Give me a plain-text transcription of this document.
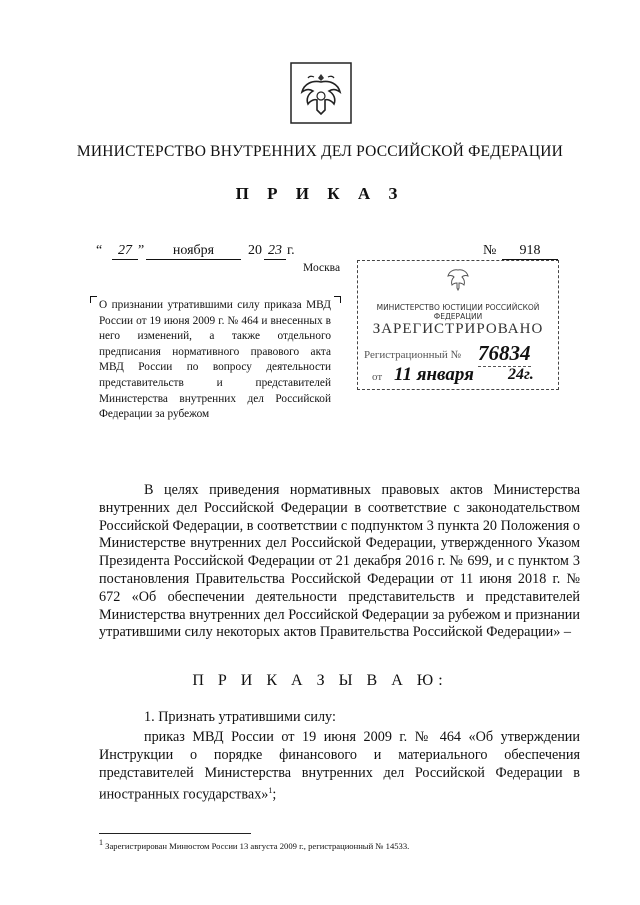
МИНИСТЕРСТВО ВНУТРЕННИХ ДЕЛ РОССИЙСКОЙ ФЕДЕРАЦИИ
П Р И К А З
“	27 ”	ноября	20 23 г.	№	918
Москва
О признании утратившими силу приказа МВД России от 19 июня 2009 г. № 464 и внесенных в него изменений, а также отдельного предписания нормативного правового акта МВД России по вопросу деятельности представительств и представителей Министерства внутренних дел Российской Федерации за рубежом
МИНИСТЕРСТВО ЮСТИЦИИ РОССИЙСКОЙ ФЕДЕРАЦИИ
ЗАРЕГИСТРИРОВАНО
Регистрационный № 76834
от 11 января 24г.
В целях приведения нормативных правовых актов Министерства внутренних дел Российской Федерации в соответствие с законодательством Российской Федерации, в соответствии с подпунктом 3 пункта 20 Положения о Министерстве внутренних дел Российской Федерации, утвержденного Указом Президента Российской Федерации от 21 декабря 2016 г. № 699, и с пунктом 3 постановления Правительства Российской Федерации от 11 июня 2018 г. № 672 «Об обеспечении деятельности представительств и представителей Министерства внутренних дел Российской Федерации за рубежом и признании утратившими силу некоторых актов Правительства Российской Федерации» –
П Р И К А З Ы В А Ю:
1. Признать утратившими силу:
приказ МВД России от 19 июня 2009 г. № 464 «Об утверждении Инструкции о порядке финансового и материального обеспечения представителей Министерства внутренних дел Российской Федерации в иностранных государствах»$^1$;
$^1$ Зарегистрирован Минюстом России 13 августа 2009 г., регистрационный № 14533.
